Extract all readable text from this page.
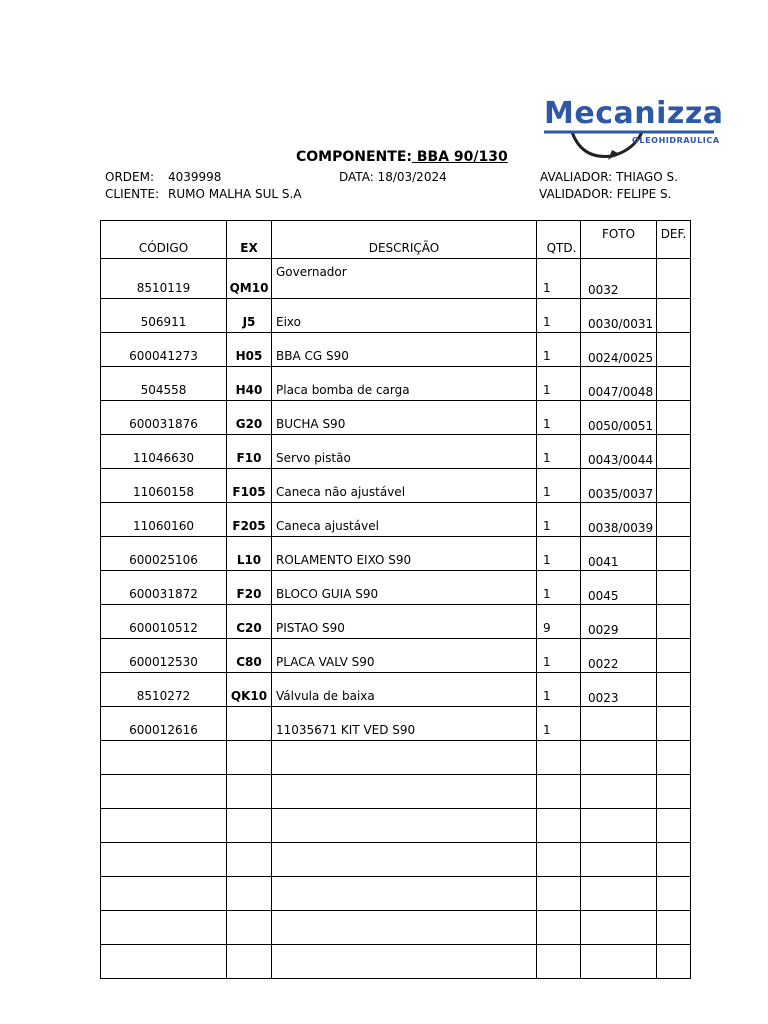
Mecanizza
OLEOHIDRAULICA
COMPONENTE: BBA 90/130
ORDEM: 4039998	DATA: 18/03/2024	AVALIADOR: THIAGO S.
CLIENTE: RUMO MALHA SUL S.A	VALIDADOR: FELIPE S.
CÓDIGO	EX	DESCRIÇÃO	QTD.	FOTO	DEF.
8510119	QM10	Governador	1	0032	
506911	J5	Eixo	1	0030/0031	
600041273	H05	BBA CG S90	1	0024/0025	
504558	H40	Placa bomba de carga	1	0047/0048	
600031876	G20	BUCHA S90	1	0050/0051	
11046630	F10	Servo pistão	1	0043/0044	
11060158	F105	Caneca não ajustável	1	0035/0037	
11060160	F205	Caneca ajustável	1	0038/0039	
600025106	L10	ROLAMENTO EIXO S90	1	0041	
600031872	F20	BLOCO GUIA S90	1	0045	
600010512	C20	PISTAO S90	9	0029	
600012530	C80	PLACA VALV S90	1	0022	
8510272	QK10	Válvula de baixa	1	0023	
600012616		11035671 KIT VED S90	1		
